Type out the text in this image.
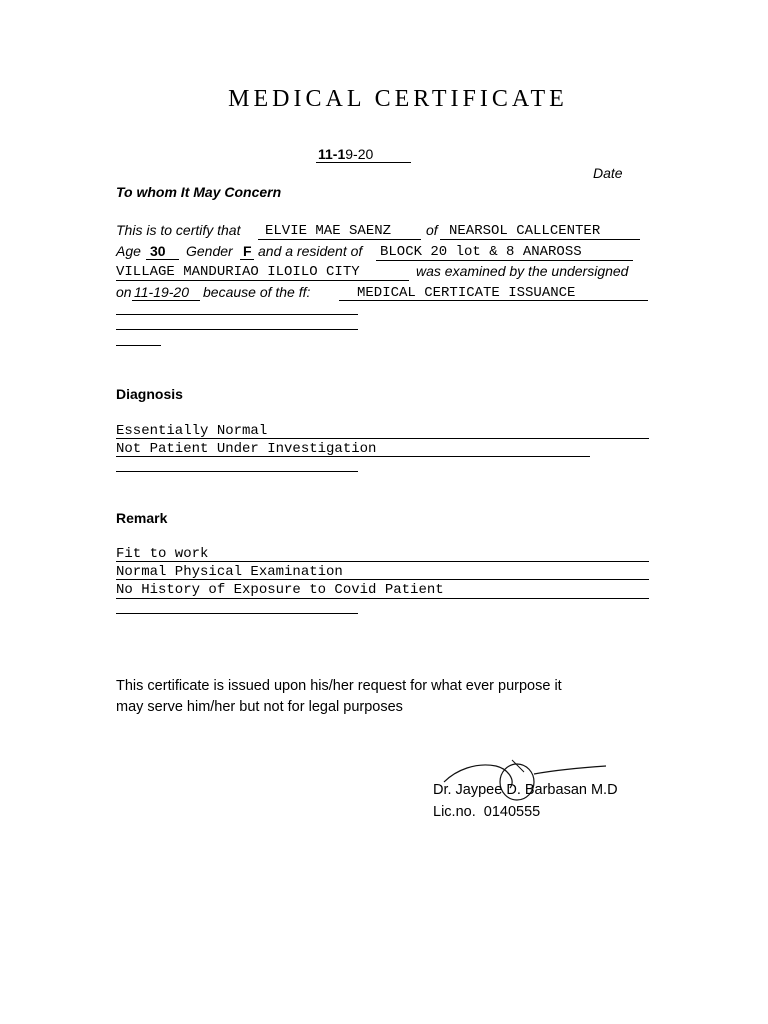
MEDICAL CERTIFICATE
11-19-20
Date
To whom It May Concern
This is to certify that ELVIE MAE SAENZ of NEARSOL CALLCENTER
Age 30 Gender F and a resident of BLOCK 20 lot & 8 ANAROSS
VILLAGE MANDURIAO ILOILO CITY	was examined by the undersigned
on 11-19-20 because of the ff:	MEDICAL CERTICATE ISSUANCE
Diagnosis
Essentially Normal
Not Patient Under Investigation
Remark
Fit to work
Normal Physical Examination
No History of Exposure to Covid Patient
This certificate is issued upon his/her request for what ever purpose it
may serve him/her but not for legal purposes
Dr. Jaypee D. Barbasan M.D
Lic.no.  0140555
